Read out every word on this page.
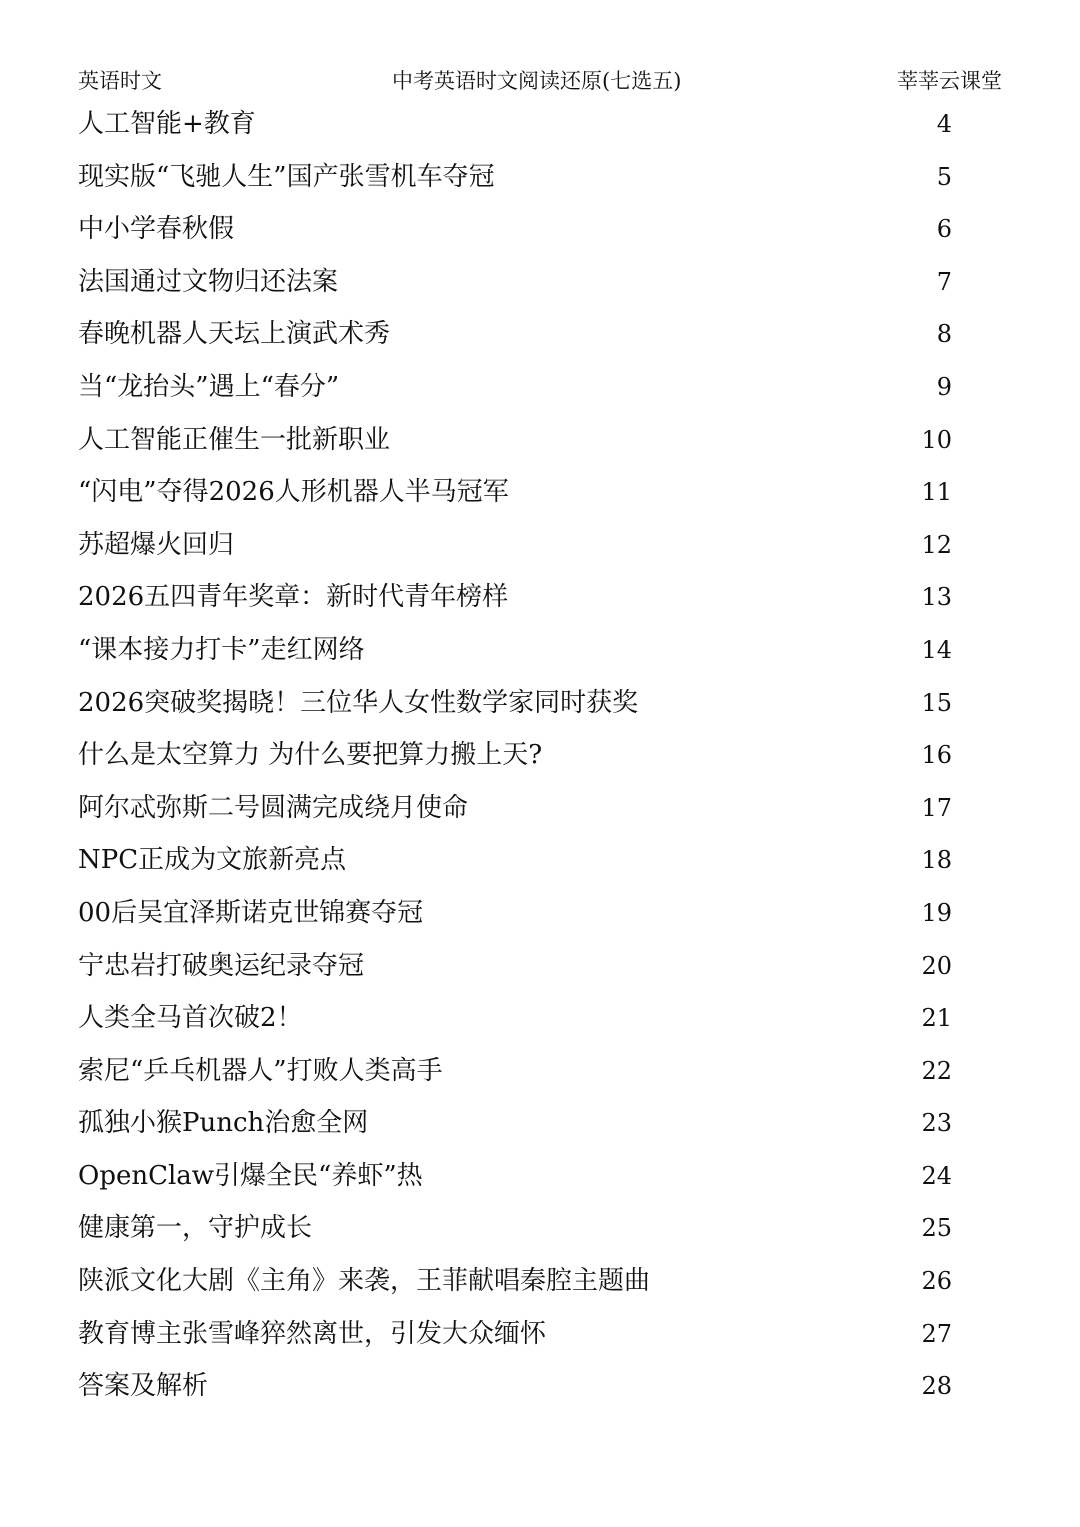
英语时文	中考英语时文阅读还原(七选五)	莘莘云课堂
人工智能+教育	4
现实版“飞驰人生”国产张雪机车夺冠	5
中小学春秋假	6
法国通过文物归还法案	7
春晚机器人天坛上演武术秀	8
当“龙抬头”遇上“春分”	9
人工智能正催生一批新职业	10
“闪电”夺得2026人形机器人半马冠军	11
苏超爆火回归	12
2026五四青年奖章：新时代青年榜样	13
“课本接力打卡”走红网络	14
2026突破奖揭晓！三位华人女性数学家同时获奖	15
什么是太空算力 为什么要把算力搬上天?	16
阿尔忒弥斯二号圆满完成绕月使命	17
NPC正成为文旅新亮点	18
00后吴宜泽斯诺克世锦赛夺冠	19
宁忠岩打破奥运纪录夺冠	20
人类全马首次破2！	21
索尼“乒乓机器人”打败人类高手	22
孤独小猴Punch治愈全网	23
OpenClaw引爆全民“养虾”热	24
健康第一，守护成长	25
陕派文化大剧《主角》来袭，王菲献唱秦腔主题曲	26
教育博主张雪峰猝然离世，引发大众缅怀	27
答案及解析	28
